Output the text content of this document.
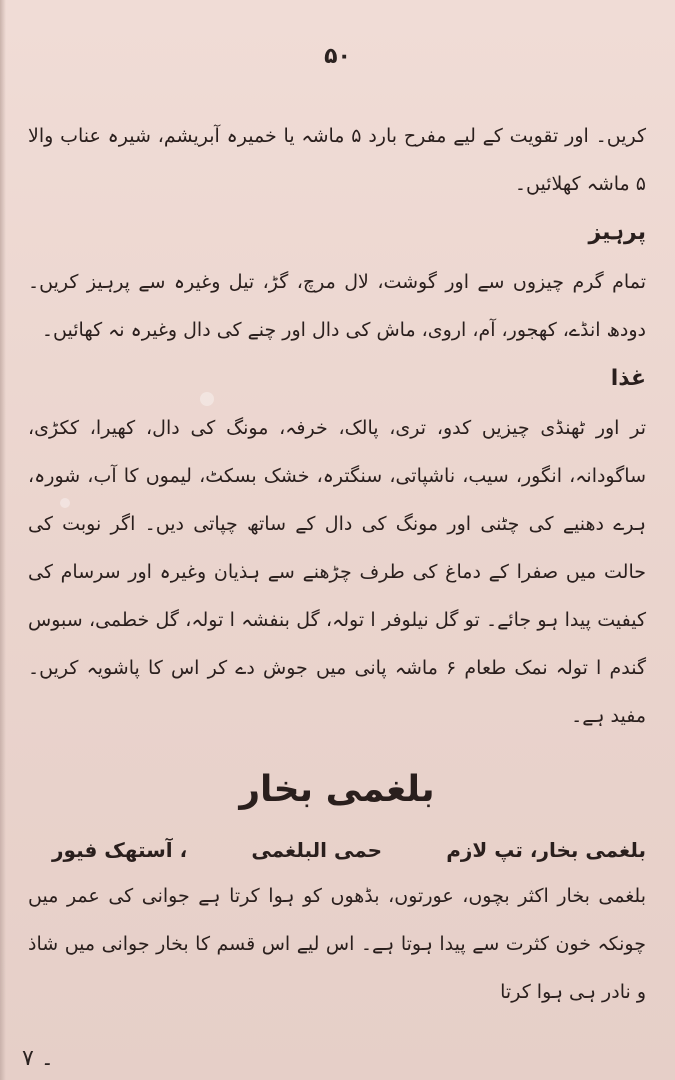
۵۰

کریں۔ اور تقویت کے لیے مفرح بارد ۵ ماشہ یا خمیرہ آبریشم، شیرہ عناب والا ۵ ماشہ کھلائیں۔

پرہیز

تمام گرم چیزوں سے اور گوشت، لال مرچ، گڑ، تیل وغیرہ سے پرہیز کریں۔ دودھ انڈے، کھجور، آم، اروی، ماش کی دال اور چنے کی دال وغیرہ نہ کھائیں۔

غذا

تر اور ٹھنڈی چیزیں کدو، تری، پالک، خرفہ، مونگ کی دال، کھیرا، ککڑی، ساگودانہ، انگور، سیب، ناشپاتی، سنگترہ، خشک بسکٹ، لیموں کا آب، شورہ، ہرے دھنیے کی چٹنی اور مونگ کی دال کے ساتھ چپاتی دیں۔ اگر نوبت کی حالت میں صفرا کے دماغ کی طرف چڑھنے سے ہذیان وغیرہ اور سرسام کی کیفیت پیدا ہو جائے۔ تو گل نیلوفر ا تولہ، گل بنفشہ ا تولہ، گل خطمی، سبوس گندم ا تولہ نمک طعام ۶ ماشہ پانی میں جوش دے کر اس کا پاشویہ کریں۔ مفید ہے۔

بلغمی بخار
بلغمی بخار، تپ لازم
حمی البلغمی
، آستھک فیور

بلغمی بخار اکثر بچوں، عورتوں، بڈھوں کو ہوا کرتا ہے جوانی کی عمر میں چونکہ خون کثرت سے پیدا ہوتا ہے۔ اس لیے اس قسم کا بخار جوانی میں شاذ و نادر ہی ہوا کرتا

۔ ٧
